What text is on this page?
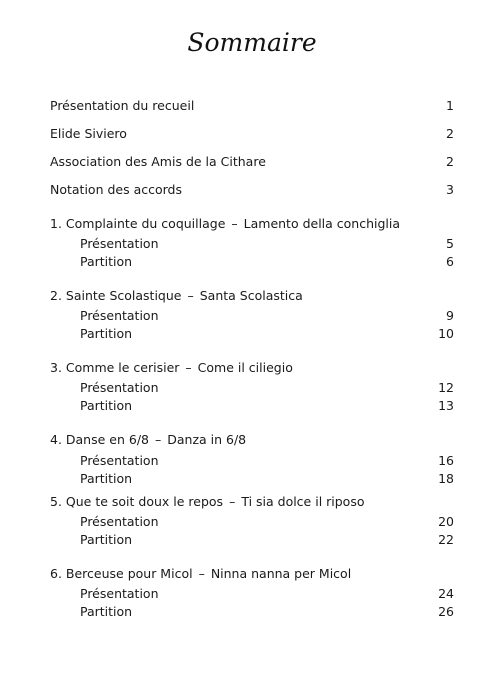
Sommaire
Présentation du recueil	1
Elide Siviero	2
Association des Amis de la Cithare	2
Notation des accords	3
1. Complainte du coquillage – Lamento della conchiglia
Présentation	5
Partition	6
2. Sainte Scolastique – Santa Scolastica
Présentation	9
Partition	10
3. Comme le cerisier – Come il ciliegio
Présentation	12
Partition	13
4. Danse en 6/8 – Danza in 6/8
Présentation	16
Partition	18
5. Que te soit doux le repos – Ti sia dolce il riposo
Présentation	20
Partition	22
6. Berceuse pour Micol – Ninna nanna per Micol
Présentation	24
Partition	26
